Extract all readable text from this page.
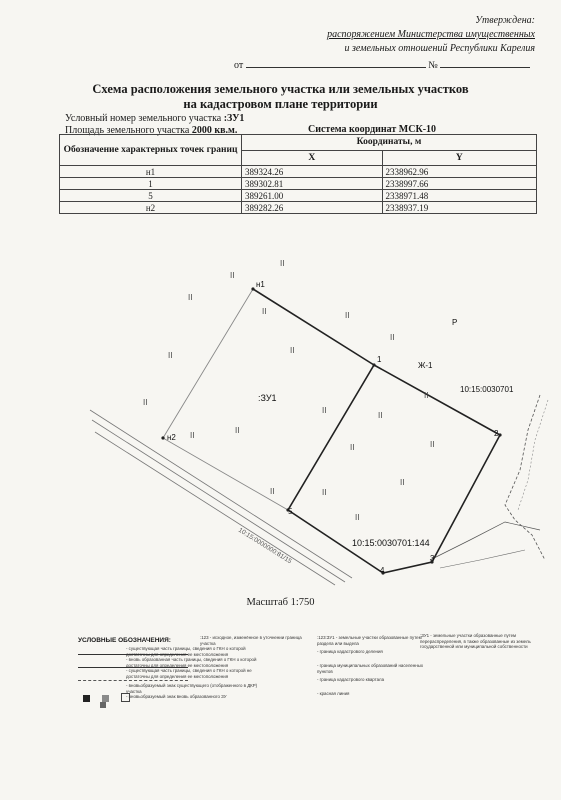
Утверждена:
распоряжением Министерства имущественных
и земельных отношений Республики Карелия
от	№
Схема расположения земельного участка или земельных участков
на кадастровом плане территории
Условный номер земельного участка :ЗУ1
Площадь земельного участка 2000 кв.м.	Система координат МСК-10
Обозначение характерных точек границ	Координаты, м	
	X	Y
н1	389324.26	2338962.96
1	389302.81	2338997.66
5	389261.00	2338971.48
н2	389282.26	2338937.19
II
II
II
II	II
II
II
II
II
II
II
II
II
II
II	II
II	II
II
II
н1
1
2
3
4
5
н2
:ЗУ1
Ж-1
Р
10:15:0030701
10:15:0030701:144
10:15:0000000:81/15
Масштаб 1:750
УСЛОВНЫЕ ОБОЗНАЧЕНИЯ:
- существующая часть границы, сведения о ГКН о которой достаточны для определения ее местоположения
- вновь образованная часть границы, сведения о ГКН о которой достаточны для определения ее местоположения
- существующая часть границы, сведения о ГКН о которой не достаточны для определения ее местоположения
- вновьобразуемый знак существующего (отображенного в ДКР) участка
- вновьобразуемый знак вновь образованного ЗУ

:123 - исходное, изменённое в уточнении граница участка
:123:ЗУ1 - земельные участки образованные путем раздела или выдела
- граница кадастрового деления
- граница муниципальных образований населенных пунктов
- граница кадастрового квартала
- красная линия
:ЗУ1 - земельные участки образованные путем перераспределения, в также образованные из земель государственной или муниципальной собственности
